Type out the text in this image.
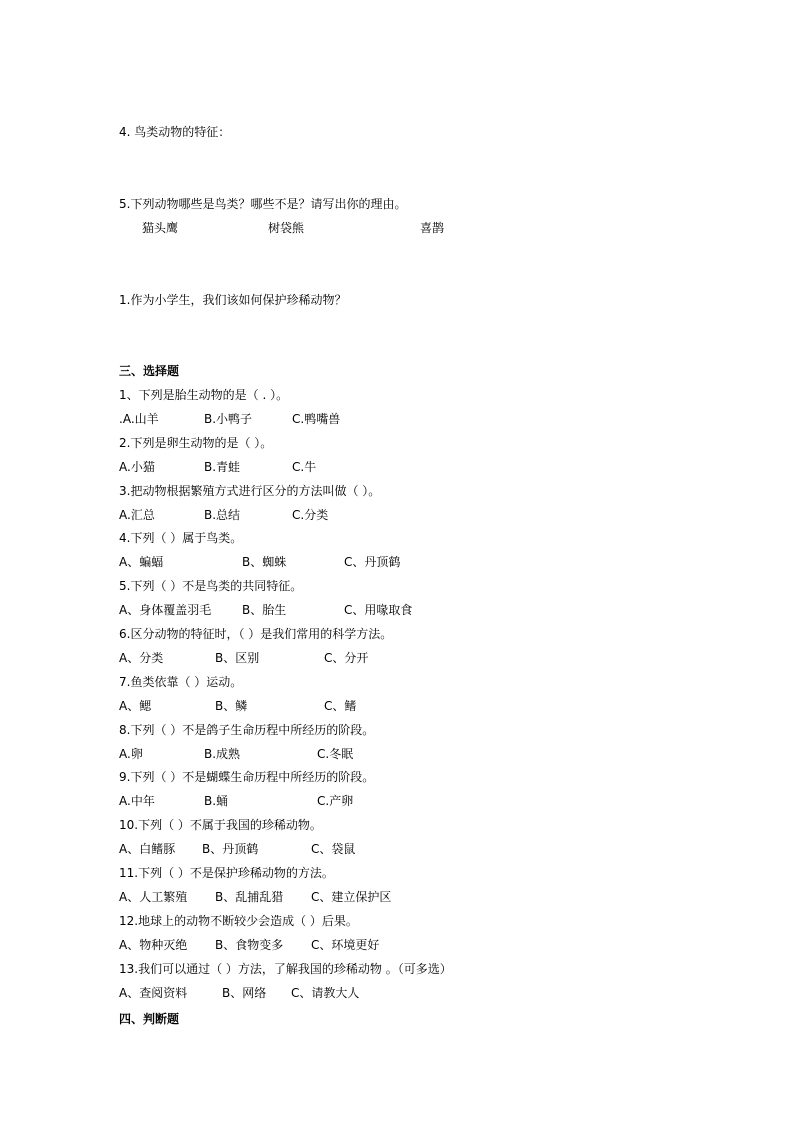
4. 鸟类动物的特征：
5.下列动物哪些是鸟类？哪些不是？请写出你的理由。
猫头鹰	树袋熊	喜鹊
1.作为小学生，我们该如何保护珍稀动物？
三、选择题
1、下列是胎生动物的是（ . ）。
.A.山羊	B.小鸭子	C.鸭嘴兽
2.下列是卵生动物的是（ ）。
A.小猫	B.青蛙	C.牛
3.把动物根据繁殖方式进行区分的方法叫做（ ）。
A.汇总	B.总结	C.分类
4.下列（ ）属于鸟类。
A、蝙蝠	B、蜘蛛	C、丹顶鹤
5.下列（ ）不是鸟类的共同特征。
A、身体覆盖羽毛	B、胎生	C、用喙取食
6.区分动物的特征时，（ ）是我们常用的科学方法。
A、分类	B、区别	C、分开
7.鱼类依靠（ ）运动。
A、鳃	B、鳞	C、鳍
8.下列（ ）不是鸽子生命历程中所经历的阶段。
A.卵	B.成熟	C.冬眠
9.下列（ ）不是蝴蝶生命历程中所经历的阶段。
A.中年	B.蛹	C.产卵
10.下列（ ）不属于我国的珍稀动物。
A、白鳍豚 B、丹顶鹤	C、袋鼠
11.下列（ ）不是保护珍稀动物的方法。
A、人工繁殖 B、乱捕乱猎 C、建立保护区
12.地球上的动物不断较少会造成（ ）后果。
A、物种灭绝 B、食物变多 C、环境更好
13.我们可以通过（ ）方法，了解我国的珍稀动物 。（可多选）
A、查阅资料	B、网络 C、请教大人
四、判断题
